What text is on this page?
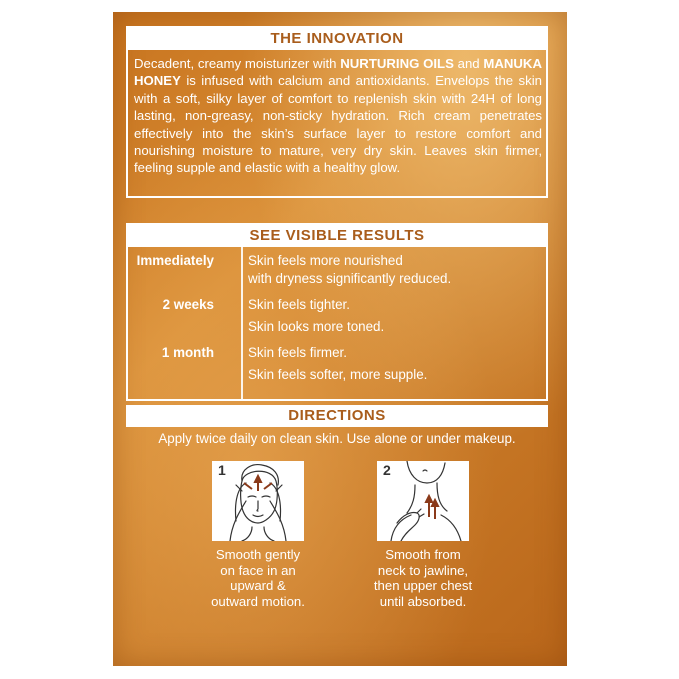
THE INNOVATION
Decadent, creamy moisturizer with NURTURING OILS and MANUKA HONEY is infused with calcium and antioxidants. Envelops the skin with a soft, silky layer of comfort to replenish skin with 24H of long lasting, non-greasy, non-sticky hydration. Rich cream penetrates effectively into the skin’s surface layer to restore comfort and nourishing moisture to mature, very dry skin. Leaves skin firmer, feeling supple and elastic with a healthy glow.
SEE VISIBLE RESULTS
Immediately	Skin feels more nourished
with dryness significantly reduced.
2 weeks	Skin feels tighter.
Skin looks more toned.
1 month	Skin feels firmer.
Skin feels softer, more supple.
DIRECTIONS
Apply twice daily on clean skin. Use alone or under makeup.
1	2
Smooth gently
on face in an
upward &
outward motion.
Smooth from
neck to jawline,
then upper chest
until absorbed.
